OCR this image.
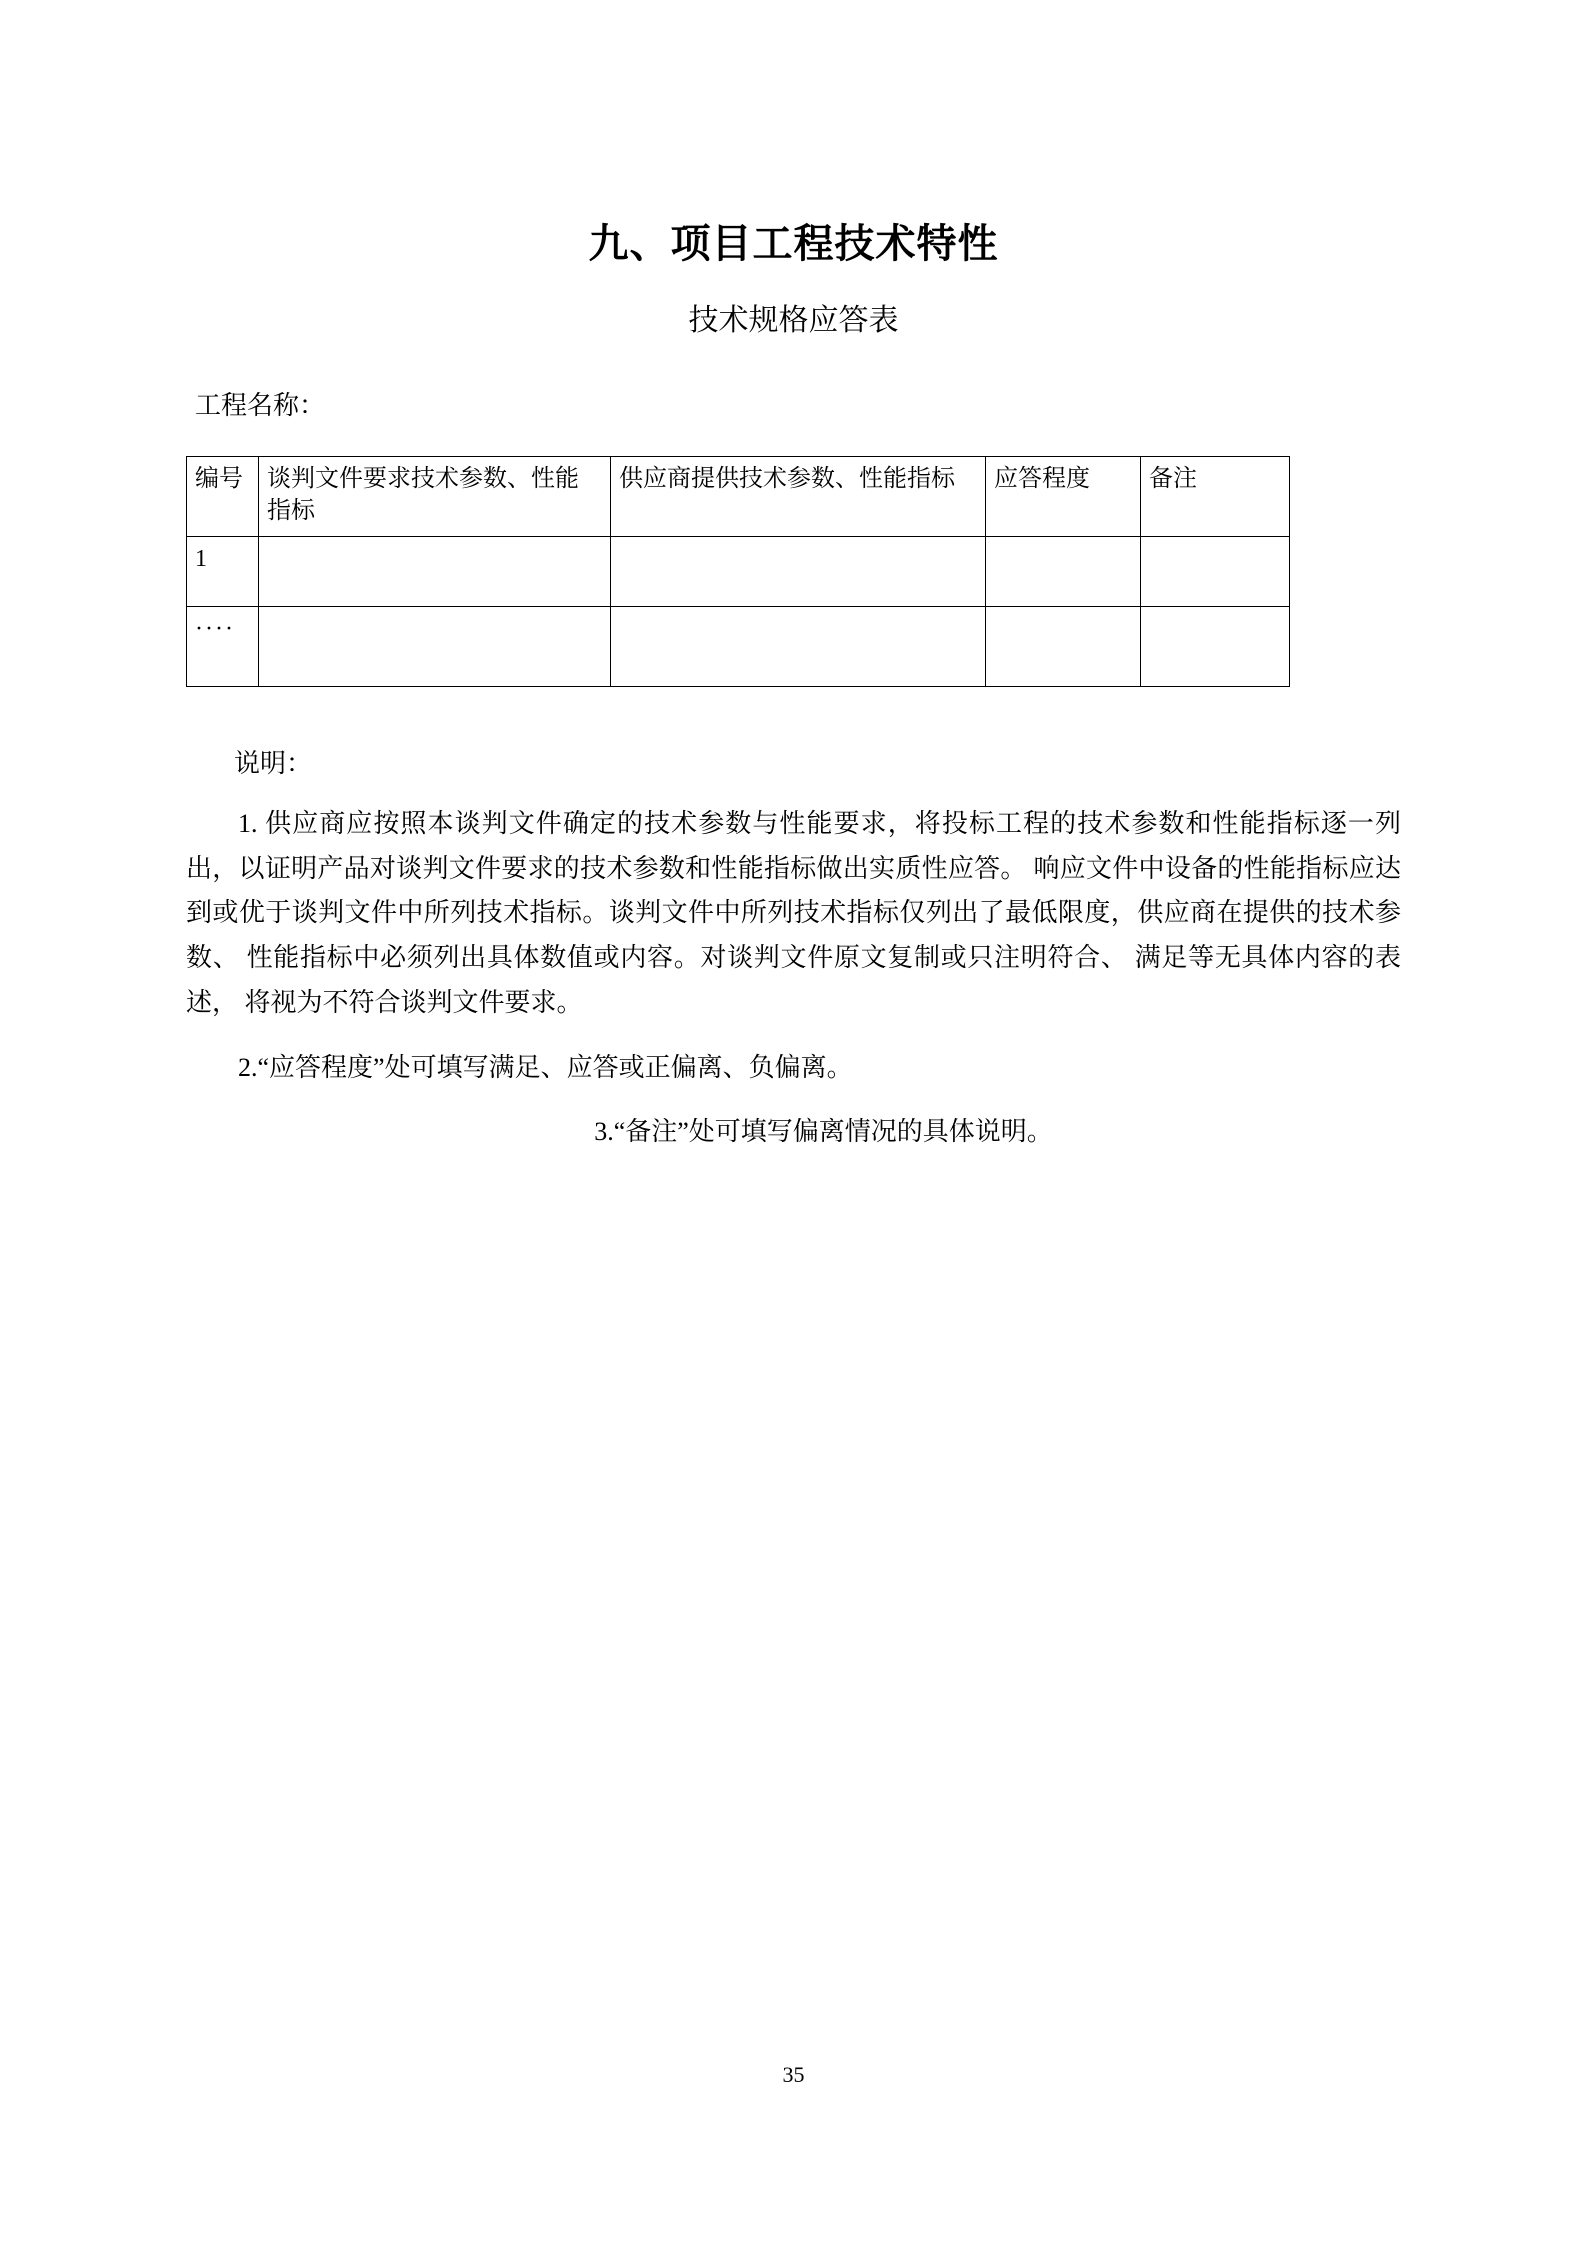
九、项目工程技术特性
技术规格应答表
工程名称：
编号	谈判文件要求技术参数、性能指标	供应商提供技术参数、性能指标	应答程度	备注
1				
····				
说明：

1. 供应商应按照本谈判文件确定的技术参数与性能要求，将投标工程的技术参数和性能指标逐一列出，以证明产品对谈判文件要求的技术参数和性能指标做出实质性应答。 响应文件中设备的性能指标应达到或优于谈判文件中所列技术指标。谈判文件中所列技术指标仅列出了最低限度，供应商在提供的技术参数、 性能指标中必须列出具体数值或内容。对谈判文件原文复制或只注明符合、 满足等无具体内容的表述， 将视为不符合谈判文件要求。

2.“应答程度”处可填写满足、应答或正偏离、负偏离。

3.“备注”处可填写偏离情况的具体说明。

35
